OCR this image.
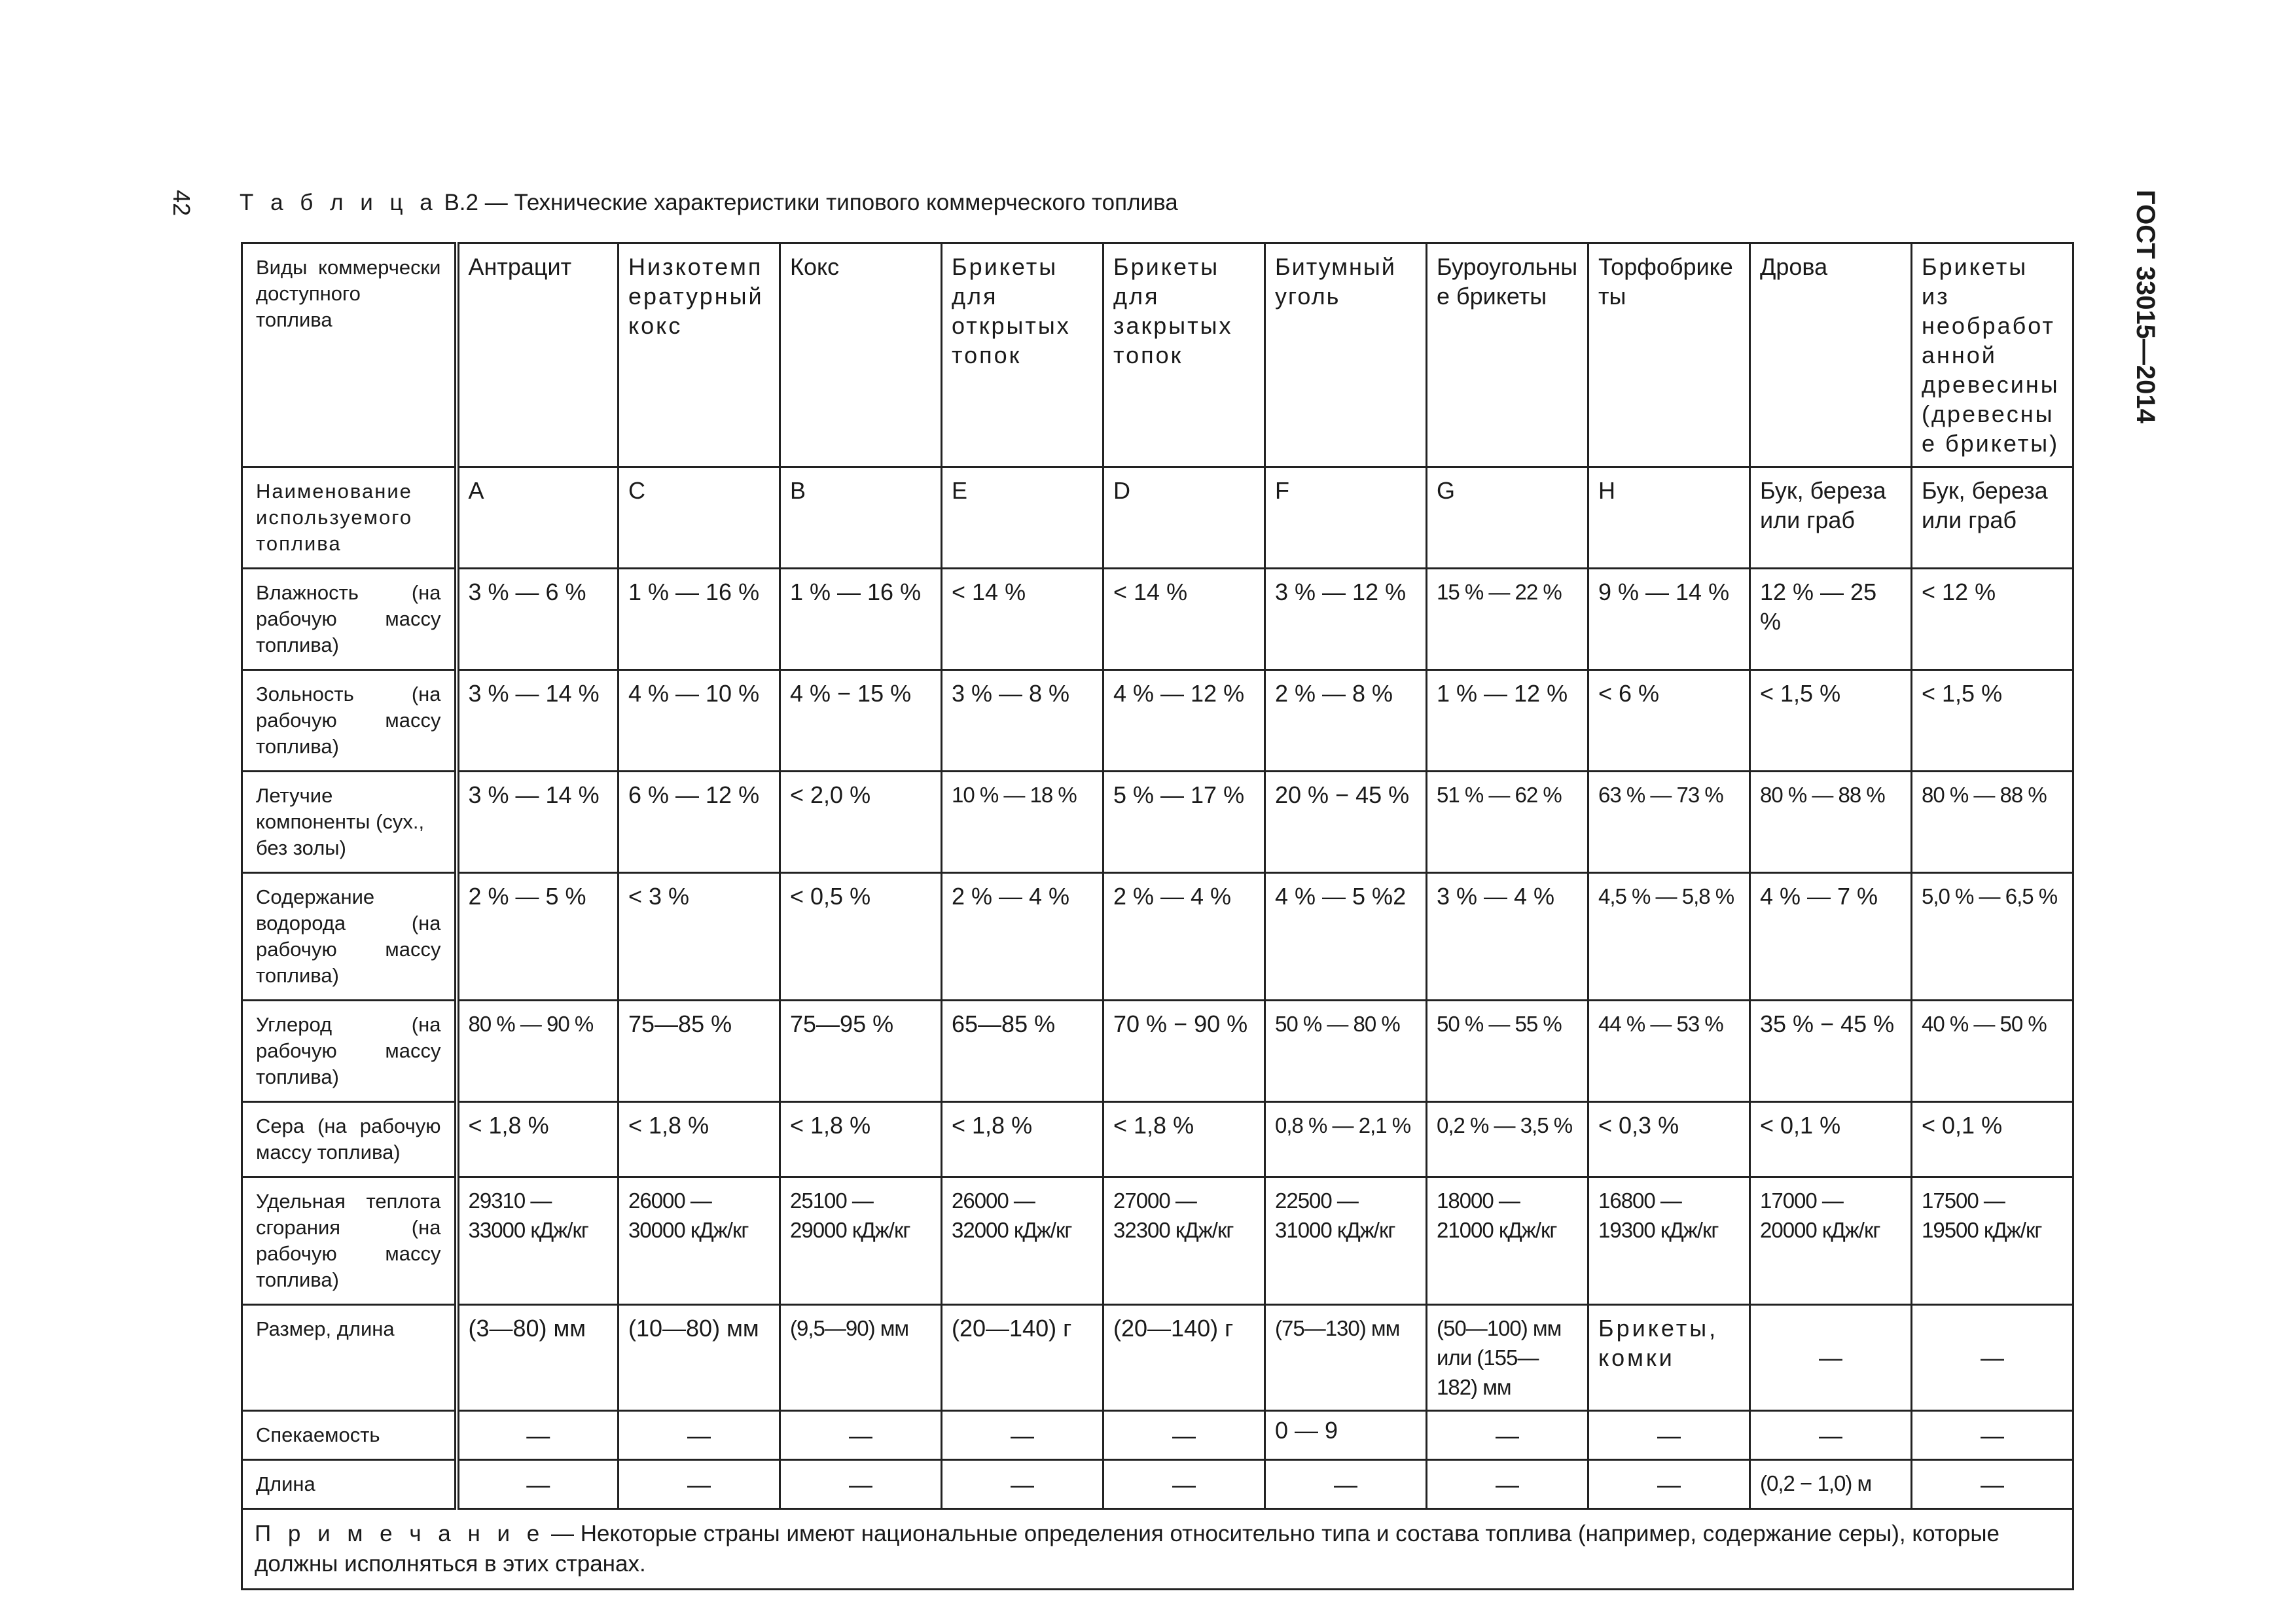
42	ГОСТ 33015—2014
Т а б л и ц а В.2 — Технические характеристики типового коммерческого топлива
Виды коммерчески доступного топлива	Антрацит	Низкотемпературный кокс	Кокс	Брикеты для открытых топок	Брикеты для закрытых топок	Битумный уголь	Буроугольные брикеты	Торфобрикеты	Дрова	Брикеты из необработанной древесины (древесные брикеты)
Наименование используемого топлива	A	C	B	E	D	F	G	H	Бук, береза или граб	Бук, береза или граб
Влажность (на рабочую массу топлива)	3 % — 6 %	1 % — 16 %	1 % — 16 %	< 14 %	< 14 %	3 % — 12 %	15 % — 22 %	9 % — 14 %	12 % — 25 %	< 12 %
Зольность (на рабочую массу топлива)	3 % — 14 %	4 % — 10 %	4 % − 15 %	3 % — 8 %	4 % — 12 %	2 % — 8 %	1 % — 12 %	< 6 %	< 1,5 %	< 1,5 %
Летучие компоненты (сух., без золы)	3 % — 14 %	6 % — 12 %	< 2,0 %	10 % — 18 %	5 % — 17 %	20 % − 45 %	51 % — 62 %	63 % — 73 %	80 % — 88 %	80 % — 88 %
Содержание водорода (на рабочую массу топлива)	2 % — 5 %	< 3 %	< 0,5 %	2 % — 4 %	2 % — 4 %	4 % — 5 %2	3 % — 4 %	4,5 % — 5,8 %	4 % — 7 %	5,0 % — 6,5 %
Углерод (на рабочую массу топлива)	80 % — 90 %	75—85 %	75—95 %	65—85 %	70 % − 90 %	50 % — 80 %	50 % — 55 %	44 % — 53 %	35 % − 45 %	40 % — 50 %
Сера (на рабочую массу топлива)	< 1,8 %	< 1,8 %	< 1,8 %	< 1,8 %	< 1,8 %	0,8 % — 2,1 %	0,2 % — 3,5 %	< 0,3 %	< 0,1 %	< 0,1 %
Удельная теплота сгорания (на рабочую массу топлива)	29310 — 33000 кДж/кг	26000 — 30000 кДж/кг	25100 — 29000 кДж/кг	26000 — 32000 кДж/кг	27000 — 32300 кДж/кг	22500 — 31000 кДж/кг	18000 — 21000 кДж/кг	16800 — 19300 кДж/кг	17000 — 20000 кДж/кг	17500 — 19500 кДж/кг
Размер, длина	(3—80) мм	(10—80) мм	(9,5—90) мм	(20—140) г	(20—140) г	(75—130) мм	(50—100) мм или (155—182) мм	Брикеты, комки	—	—
Спекаемость	—	—	—	—	—	0 — 9	—	—	—	—
Длина	—	—	—	—	—	—	—	—	(0,2 − 1,0) м	—
П р и м е ч а н и е — Некоторые страны имеют национальные определения относительно типа и состава топлива (например, содержание серы), которые должны исполняться в этих странах.										
